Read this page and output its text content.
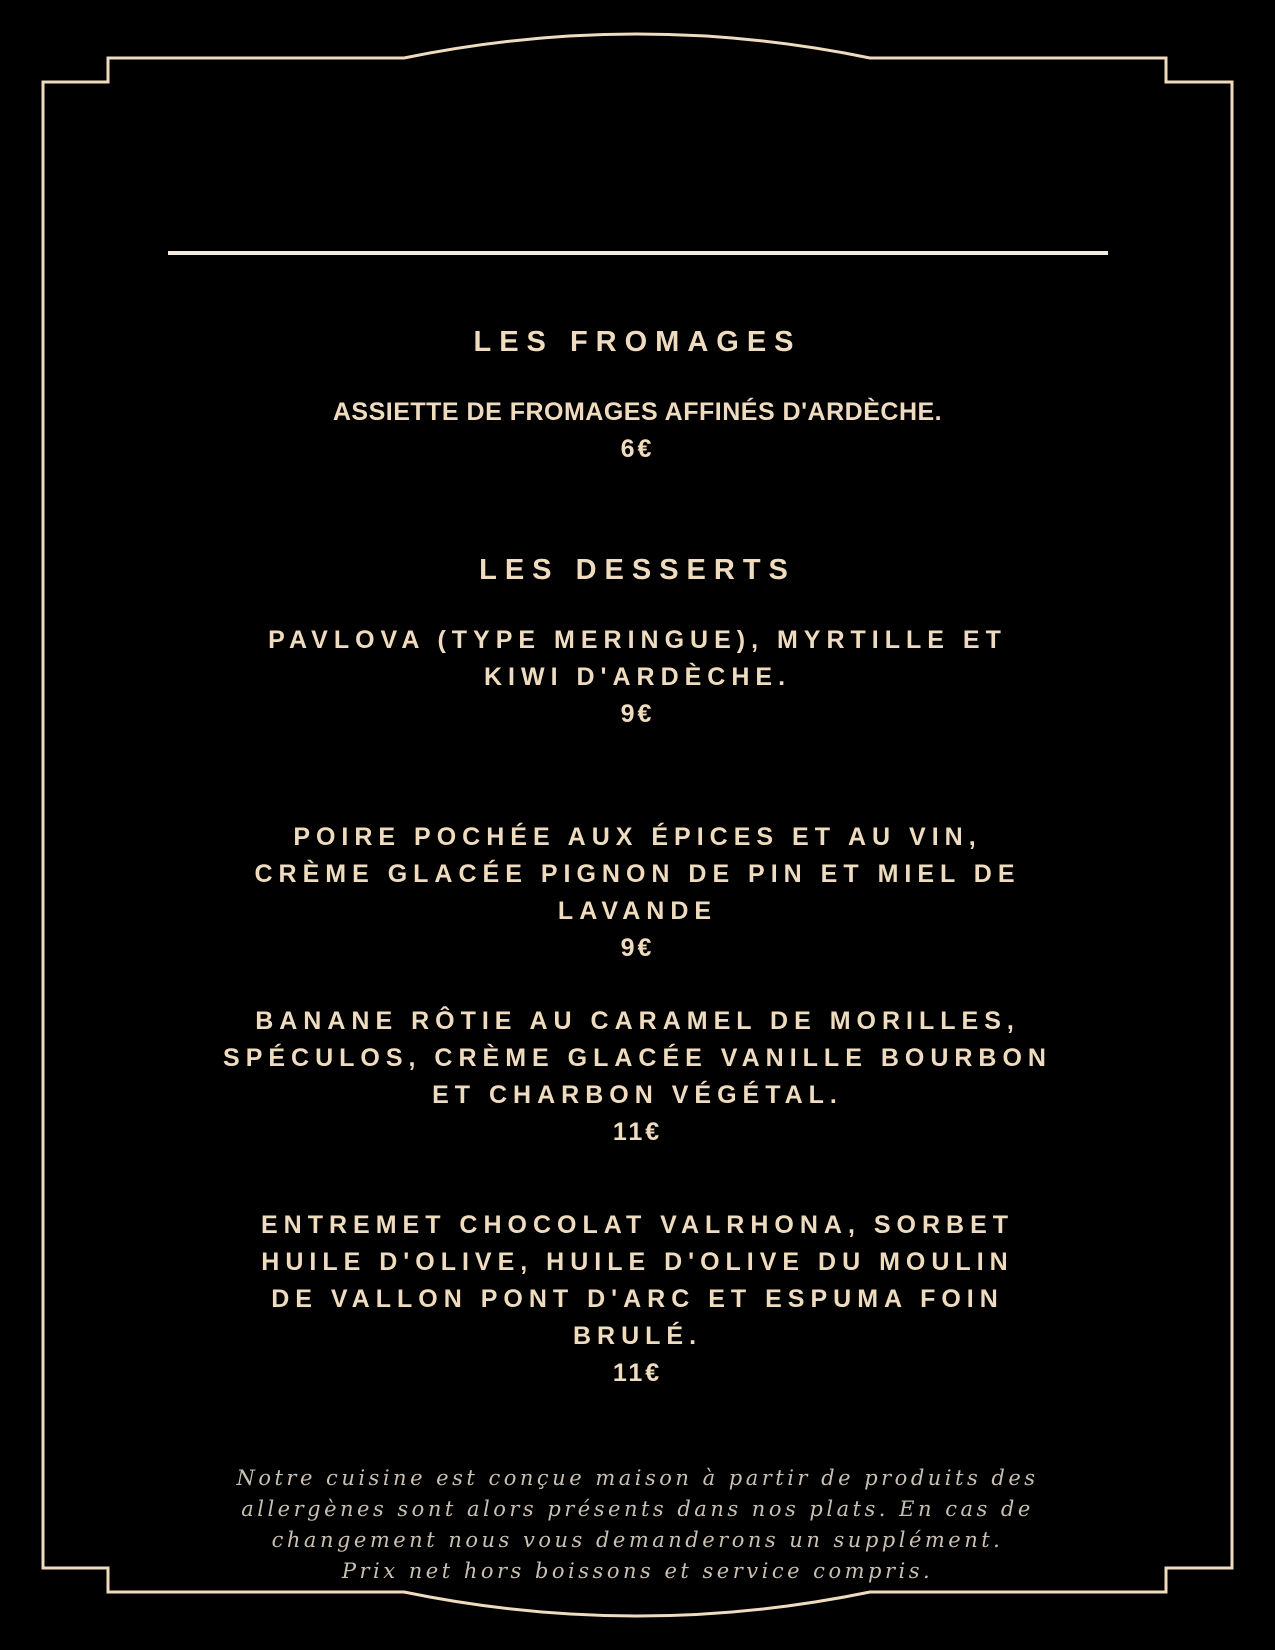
LES FROMAGES
ASSIETTE DE FROMAGES AFFINÉS D'ARDÈCHE.
6€
LES DESSERTS
PAVLOVA (TYPE MERINGUE), MYRTILLE ET
KIWI D'ARDÈCHE.
9€
POIRE POCHÉE AUX ÉPICES ET AU VIN,
CRÈME GLACÉE PIGNON DE PIN ET MIEL DE
LAVANDE
9€
BANANE RÔTIE AU CARAMEL DE MORILLES,
SPÉCULOS, CRÈME GLACÉE VANILLE BOURBON
ET CHARBON VÉGÉTAL.
11€
ENTREMET CHOCOLAT VALRHONA, SORBET
HUILE D'OLIVE, HUILE D'OLIVE DU MOULIN
DE VALLON PONT D'ARC ET ESPUMA FOIN
BRULÉ.
11€
Notre cuisine est conçue maison à partir de produits des
allergènes sont alors présents dans nos plats. En cas de
changement nous vous demanderons un supplément.
Prix net hors boissons et service compris.
